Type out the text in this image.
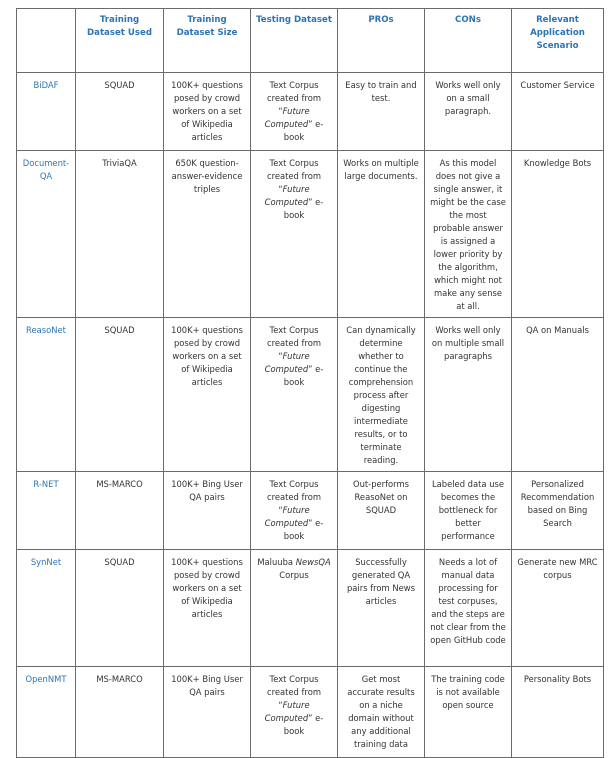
	Training Dataset Used	Training Dataset Size	Testing Dataset	PROs	CONs	Relevant Application Scenario
BiDAF	SQUAD	100K+ questions posed by crowd workers on a set of Wikipedia articles	Text Corpus created from “Future Computed” e-book	Easy to train and test.	Works well only on a small paragraph.	Customer Service
Document-QA	TriviaQA	650K question-answer-evidence triples	Text Corpus created from “Future Computed” e-book	Works on multiple large documents.	As this model does not give a single answer, it might be the case the most probable answer is assigned a lower priority by the algorithm, which might not make any sense at all.	Knowledge Bots
ReasoNet	SQUAD	100K+ questions posed by crowd workers on a set of Wikipedia articles	Text Corpus created from “Future Computed” e-book	Can dynamically determine whether to continue the comprehension process after digesting intermediate results, or to terminate reading.	Works well only on multiple small paragraphs	QA on Manuals
R-NET	MS-MARCO	100K+ Bing User QA pairs	Text Corpus created from “Future Computed” e-book	Out-performs ReasoNet on SQUAD	Labeled data use becomes the bottleneck for better performance	Personalized Recommendation based on Bing Search
SynNet	SQUAD	100K+ questions posed by crowd workers on a set of Wikipedia articles	Maluuba NewsQA Corpus	Successfully generated QA pairs from News articles	Needs a lot of manual data processing for test corpuses, and the steps are not clear from the open GitHub code	Generate new MRC corpus
OpenNMT	MS-MARCO	100K+ Bing User QA pairs	Text Corpus created from “Future Computed” e-book	Get most accurate results on a niche domain without any additional training data	The training code is not available open source	Personality Bots
